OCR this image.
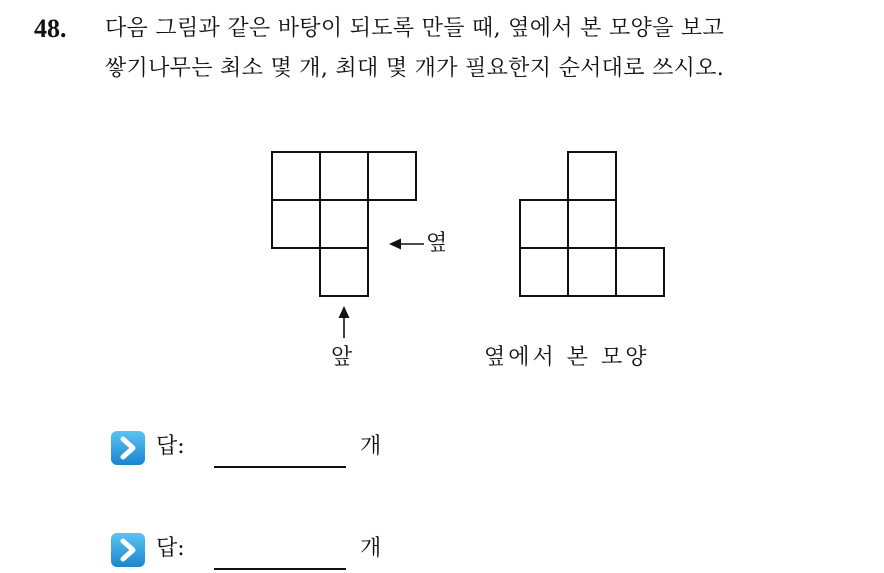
48. 다음 그림과 같은 바탕이 되도록 만들 때, 옆에서 본 모양을 보고
쌓기나무는 최소 몇 개, 최대 몇 개가 필요한지 순서대로 쓰시오.
옆
앞	옆에서 본 모양
답:	개
답:	개
